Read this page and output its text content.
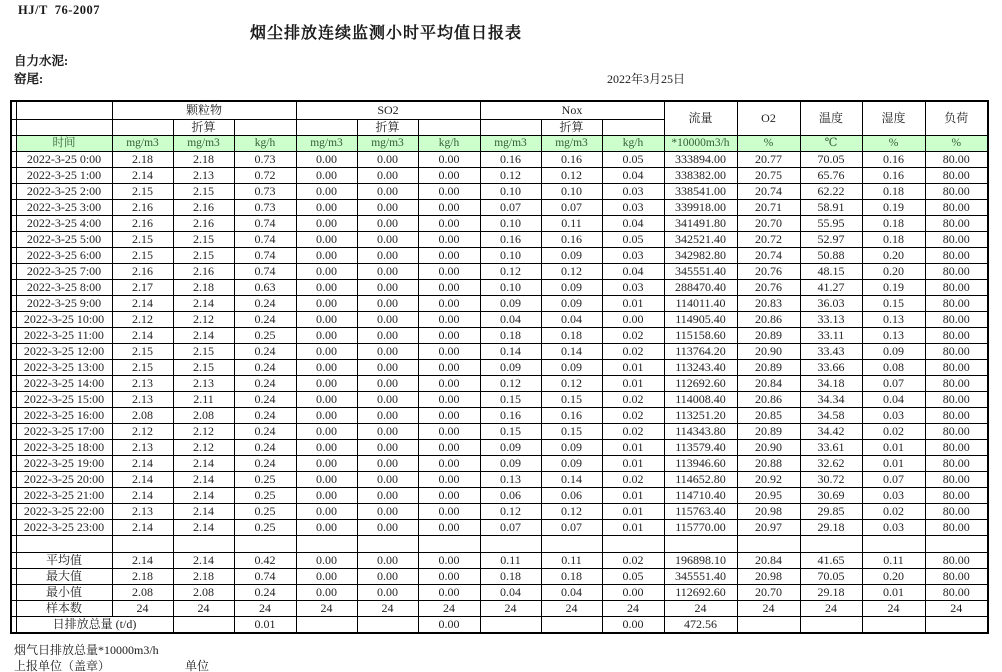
HJ/T  76-2007
烟尘排放连续监测小时平均值日报表
自力水泥:
窑尾:	2022年3月25日
		颗粒物			SO2			Nox			流量	O2	温度	湿度	负荷
			折算			折算			折算						
	时间	mg/m3	mg/m3	kg/h	mg/m3	mg/m3	kg/h	mg/m3	mg/m3	kg/h	*10000m3/h	%	℃	%	%
	2022-3-25 0:00	2.18	2.18	0.73	0.00	0.00	0.00	0.16	0.16	0.05	333894.00	20.77	70.05	0.16	80.00
	2022-3-25 1:00	2.14	2.13	0.72	0.00	0.00	0.00	0.12	0.12	0.04	338382.00	20.75	65.76	0.16	80.00
	2022-3-25 2:00	2.15	2.15	0.73	0.00	0.00	0.00	0.10	0.10	0.03	338541.00	20.74	62.22	0.18	80.00
	2022-3-25 3:00	2.16	2.16	0.73	0.00	0.00	0.00	0.07	0.07	0.03	339918.00	20.71	58.91	0.19	80.00
	2022-3-25 4:00	2.16	2.16	0.74	0.00	0.00	0.00	0.10	0.11	0.04	341491.80	20.70	55.95	0.18	80.00
	2022-3-25 5:00	2.15	2.15	0.74	0.00	0.00	0.00	0.16	0.16	0.05	342521.40	20.72	52.97	0.18	80.00
	2022-3-25 6:00	2.15	2.15	0.74	0.00	0.00	0.00	0.10	0.09	0.03	342982.80	20.74	50.88	0.20	80.00
	2022-3-25 7:00	2.16	2.16	0.74	0.00	0.00	0.00	0.12	0.12	0.04	345551.40	20.76	48.15	0.20	80.00
	2022-3-25 8:00	2.17	2.18	0.63	0.00	0.00	0.00	0.10	0.09	0.03	288470.40	20.76	41.27	0.19	80.00
	2022-3-25 9:00	2.14	2.14	0.24	0.00	0.00	0.00	0.09	0.09	0.01	114011.40	20.83	36.03	0.15	80.00
	2022-3-25 10:00	2.12	2.12	0.24	0.00	0.00	0.00	0.04	0.04	0.00	114905.40	20.86	33.13	0.13	80.00
	2022-3-25 11:00	2.14	2.14	0.25	0.00	0.00	0.00	0.18	0.18	0.02	115158.60	20.89	33.11	0.13	80.00
	2022-3-25 12:00	2.15	2.15	0.24	0.00	0.00	0.00	0.14	0.14	0.02	113764.20	20.90	33.43	0.09	80.00
	2022-3-25 13:00	2.15	2.15	0.24	0.00	0.00	0.00	0.09	0.09	0.01	113243.40	20.89	33.66	0.08	80.00
	2022-3-25 14:00	2.13	2.13	0.24	0.00	0.00	0.00	0.12	0.12	0.01	112692.60	20.84	34.18	0.07	80.00
	2022-3-25 15:00	2.13	2.11	0.24	0.00	0.00	0.00	0.15	0.15	0.02	114008.40	20.86	34.34	0.04	80.00
	2022-3-25 16:00	2.08	2.08	0.24	0.00	0.00	0.00	0.16	0.16	0.02	113251.20	20.85	34.58	0.03	80.00
	2022-3-25 17:00	2.12	2.12	0.24	0.00	0.00	0.00	0.15	0.15	0.02	114343.80	20.89	34.42	0.02	80.00
	2022-3-25 18:00	2.13	2.12	0.24	0.00	0.00	0.00	0.09	0.09	0.01	113579.40	20.90	33.61	0.01	80.00
	2022-3-25 19:00	2.14	2.14	0.24	0.00	0.00	0.00	0.09	0.09	0.01	113946.60	20.88	32.62	0.01	80.00
	2022-3-25 20:00	2.14	2.14	0.25	0.00	0.00	0.00	0.13	0.14	0.02	114652.80	20.92	30.72	0.07	80.00
	2022-3-25 21:00	2.14	2.14	0.25	0.00	0.00	0.00	0.06	0.06	0.01	114710.40	20.95	30.69	0.03	80.00
	2022-3-25 22:00	2.13	2.14	0.25	0.00	0.00	0.00	0.12	0.12	0.01	115763.40	20.98	29.85	0.02	80.00
	2022-3-25 23:00	2.14	2.14	0.25	0.00	0.00	0.00	0.07	0.07	0.01	115770.00	20.97	29.18	0.03	80.00

	平均值	2.14	2.14	0.42	0.00	0.00	0.00	0.11	0.11	0.02	196898.10	20.84	41.65	0.11	80.00
	最大值	2.18	2.18	0.74	0.00	0.00	0.00	0.18	0.18	0.05	345551.40	20.98	70.05	0.20	80.00
	最小值	2.08	2.08	0.24	0.00	0.00	0.00	0.04	0.04	0.00	112692.60	20.70	29.18	0.01	80.00
	样本数	24	24	24	24	24	24	24	24	24	24	24	24	24	24
	日排放总量 (t/d)			0.01			0.00			0.00	472.56				
烟气日排放总量*10000m3/h
上报单位（盖章）	单位
